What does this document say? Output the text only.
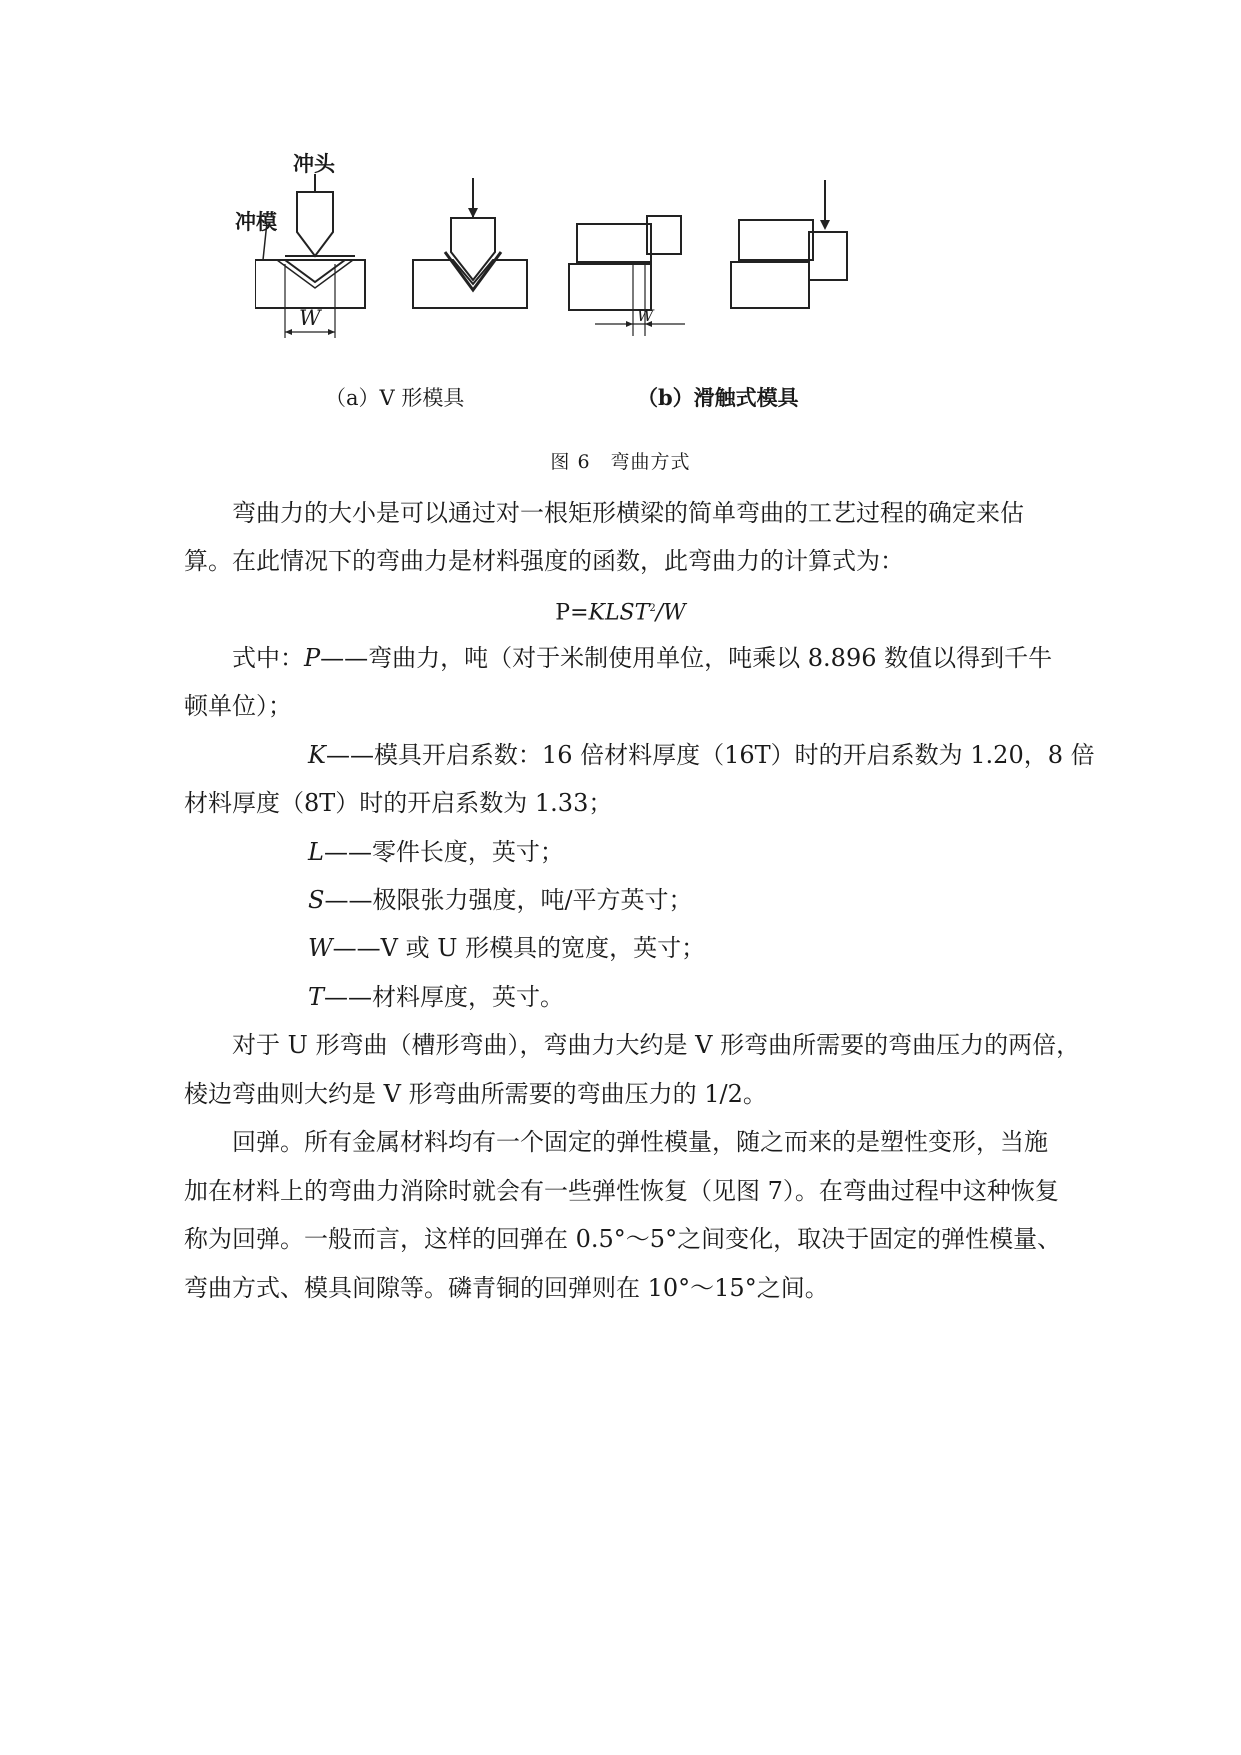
冲头
冲模
W	W
（a）V 形模具	（b）滑触式模具
图 6　弯曲方式
弯曲力的大小是可以通过对一根矩形横梁的简单弯曲的工艺过程的确定来估
算。在此情况下的弯曲力是材料强度的函数，此弯曲力的计算式为：
$P=KLST^2/W$
式中：P——弯曲力，吨（对于米制使用单位，吨乘以 8.896 数值以得到千牛
顿单位）；
K——模具开启系数：16 倍材料厚度（16T）时的开启系数为 1.20，8 倍
材料厚度（8T）时的开启系数为 1.33；
L——零件长度，英寸；
S——极限张力强度，吨/平方英寸；
W——V 或 U 形模具的宽度，英寸；
T——材料厚度，英寸。
对于 U 形弯曲（槽形弯曲），弯曲力大约是 V 形弯曲所需要的弯曲压力的两倍，
棱边弯曲则大约是 V 形弯曲所需要的弯曲压力的 1/2。
回弹。所有金属材料均有一个固定的弹性模量，随之而来的是塑性变形，当施
加在材料上的弯曲力消除时就会有一些弹性恢复（见图 7）。在弯曲过程中这种恢复
称为回弹。一般而言，这样的回弹在 0.5°～5°之间变化，取决于固定的弹性模量、
弯曲方式、模具间隙等。磷青铜的回弹则在 10°～15°之间。
